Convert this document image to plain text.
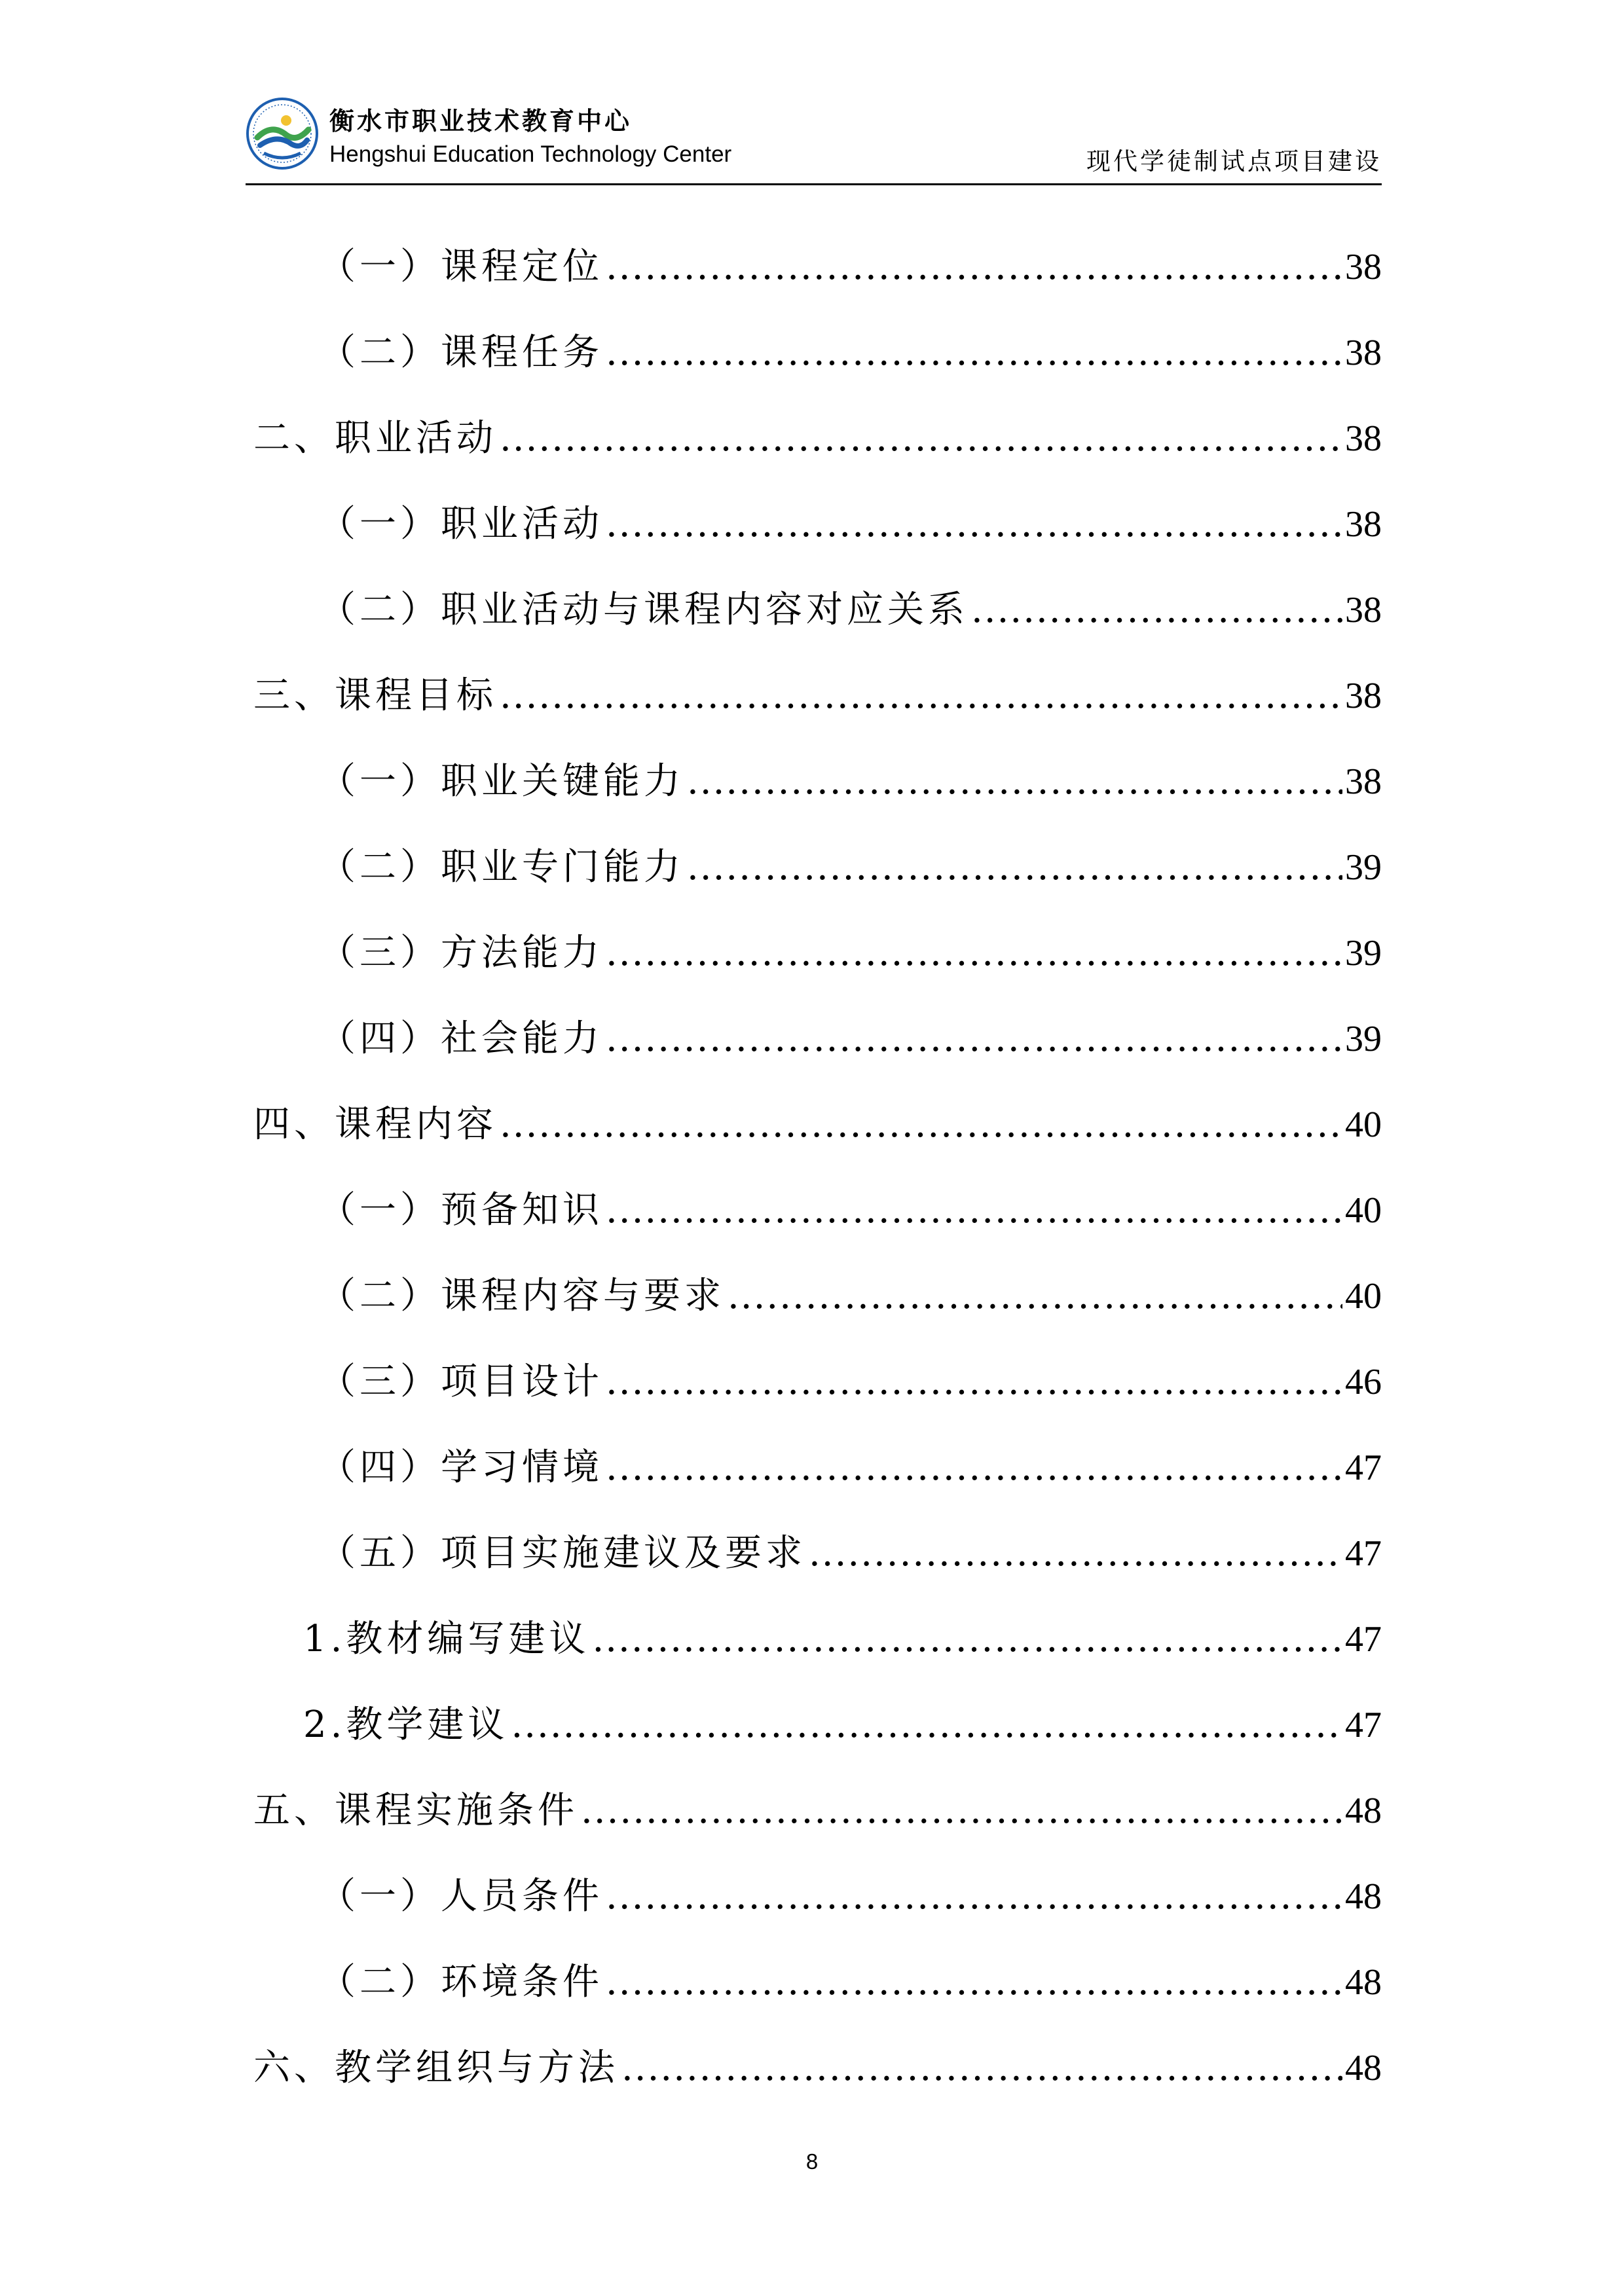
衡水市职业技术教育中心
Hengshui Education Technology Center	现代学徒制试点项目建设
（一）课程定位 .....	38
（二）课程任务 .....	38
二、职业活动 .....	38
（一）职业活动 .....	38
（二）职业活动与课程内容对应关系 .....	38
三、课程目标 .....	38
（一）职业关键能力 .....	38
（二）职业专门能力 .....	39
（三）方法能力 .....	39
（四）社会能力 .....	39
四、课程内容 .....	40
（一）预备知识 .....	40
（二）课程内容与要求 .....	40
（三）项目设计 .....	46
（四）学习情境 .....	47
（五）项目实施建议及要求 .....	47
1.教材编写建议 .....	47
2.教学建议 .....	47
五、课程实施条件 .....	48
（一）人员条件 .....	48
（二）环境条件 .....	48
六、教学组织与方法 .....	48
8
